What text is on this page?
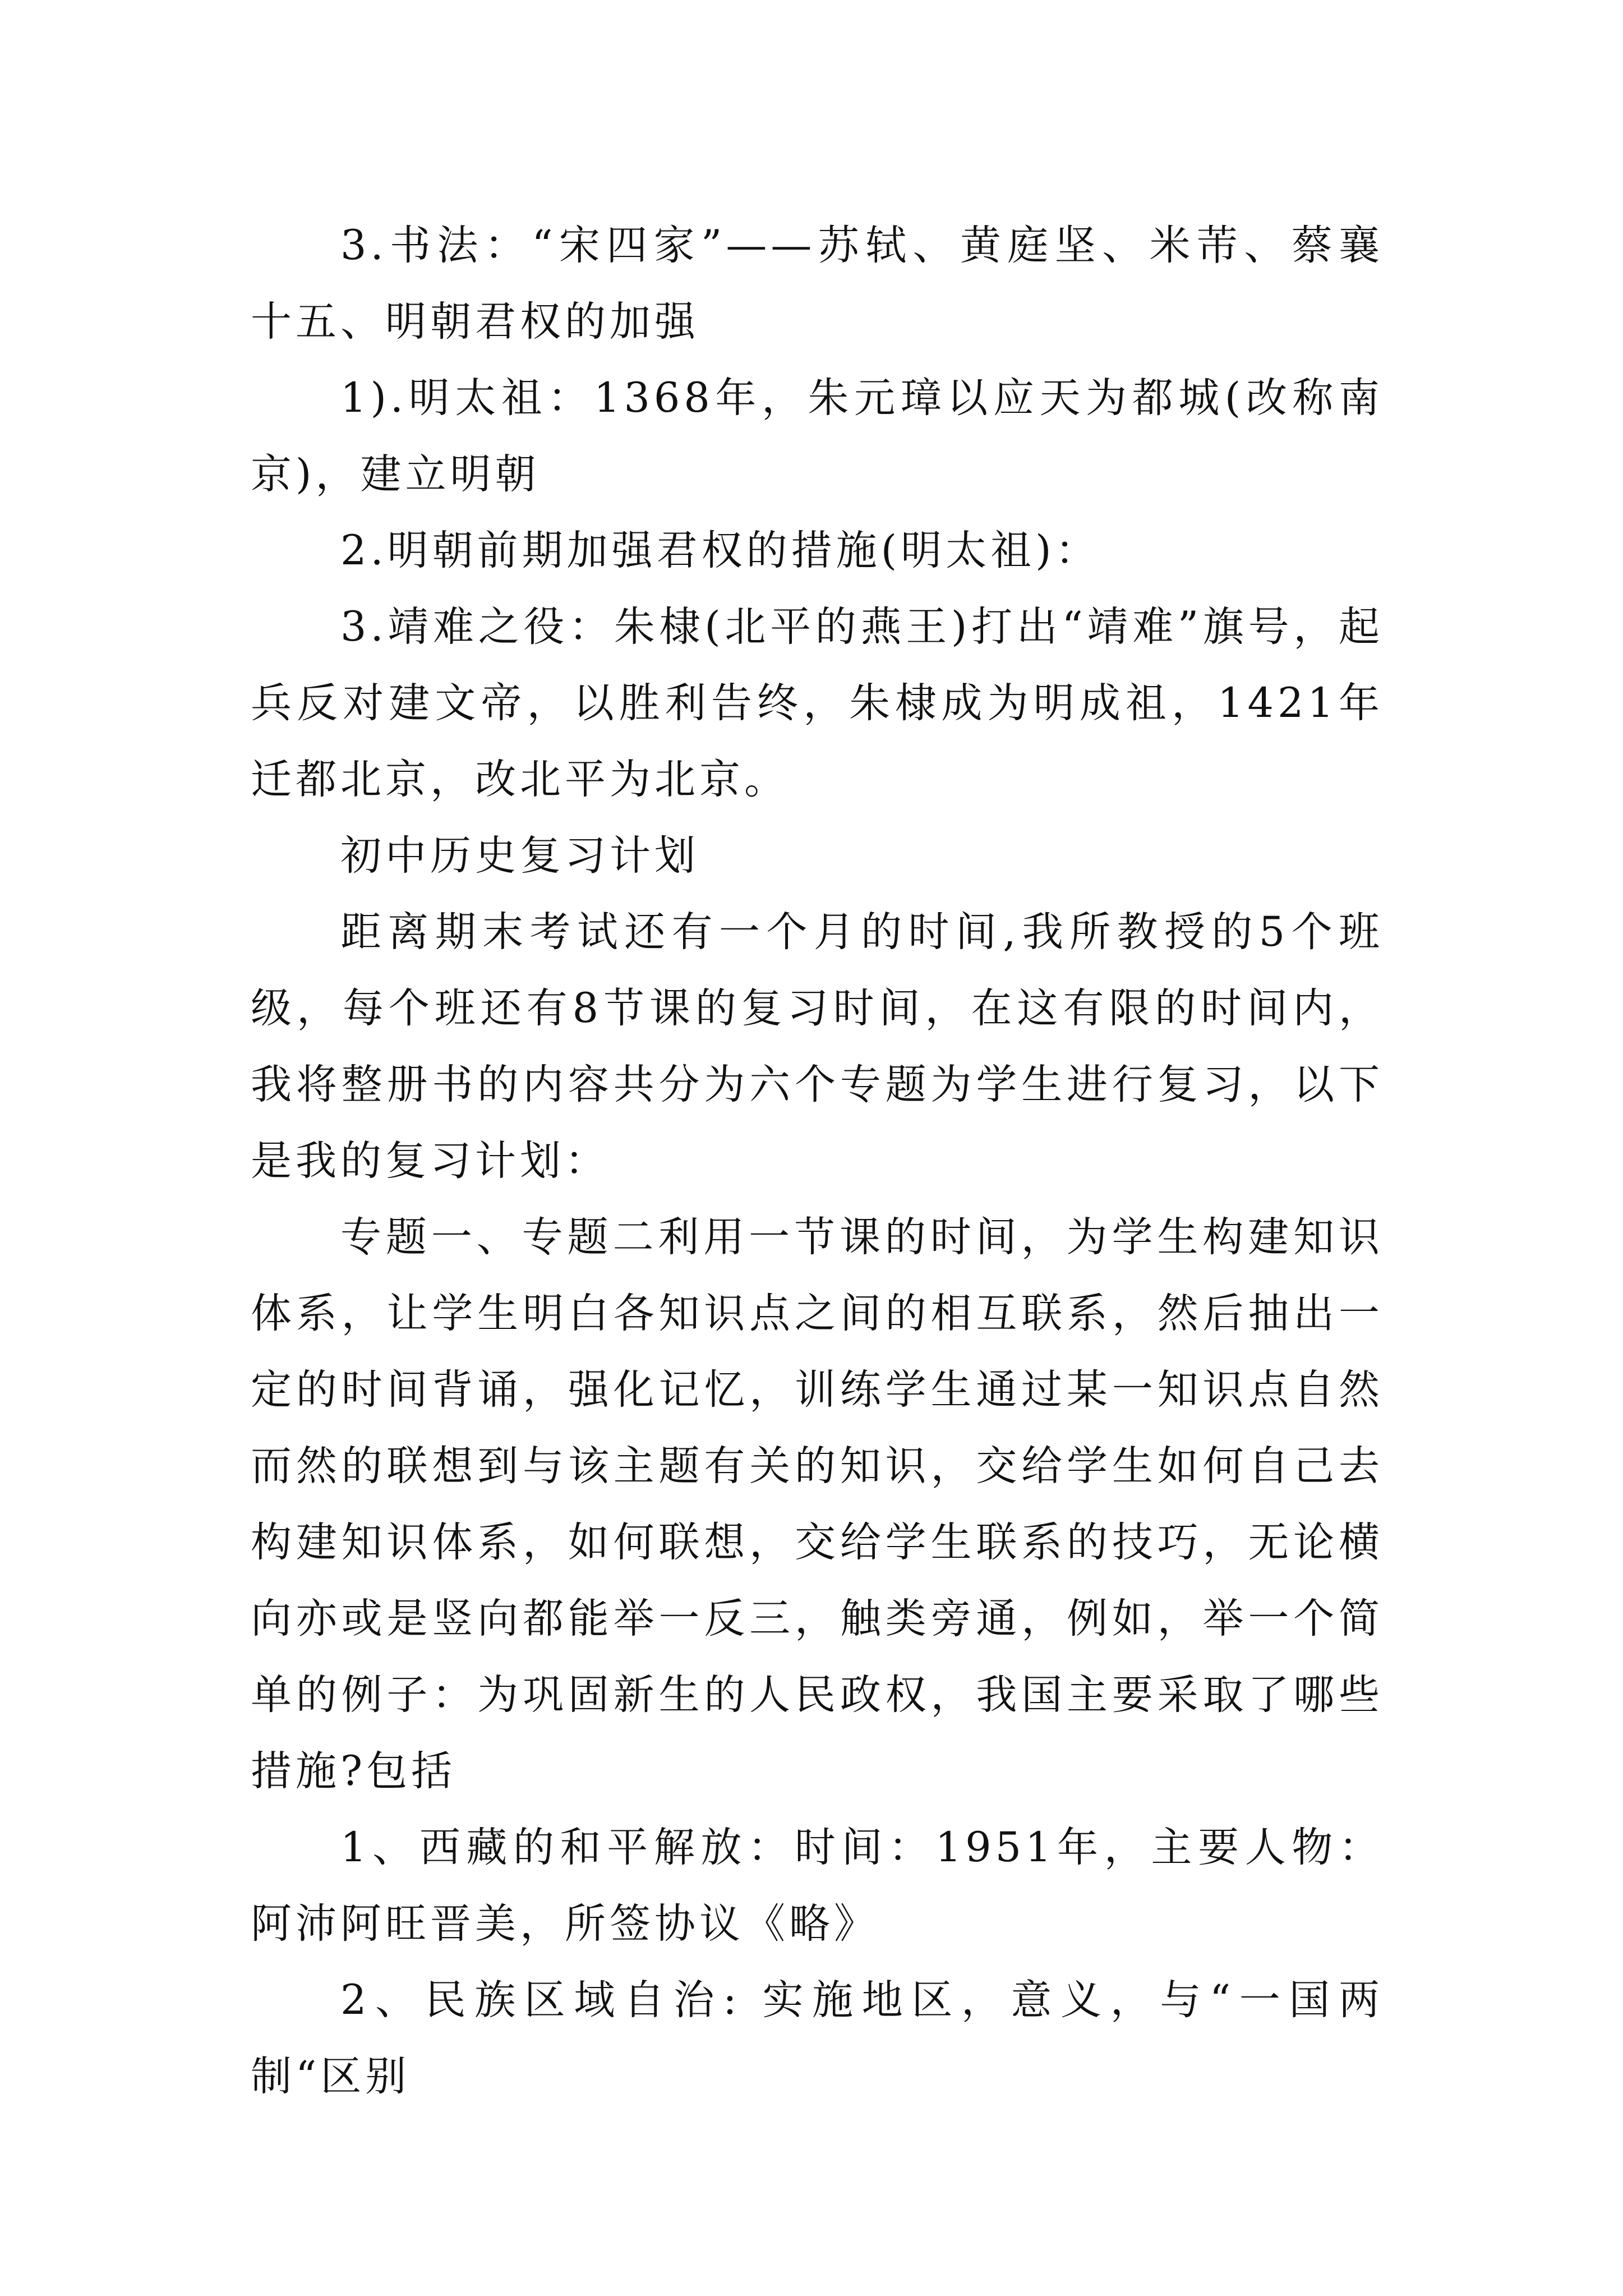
3.书法：“宋四家”——苏轼、黄庭坚、米芾、蔡襄 十五、明朝君权的加强

1).明太祖：1368年，朱元璋以应天为都城(改称南京)，建立明朝

2.明朝前期加强君权的措施(明太祖)：

3.靖难之役：朱棣(北平的燕王)打出“靖难”旗号，起兵反对建文帝，以胜利告终，朱棣成为明成祖，1421年迁都北京，改北平为北京。

初中历史复习计划

距离期末考试还有一个月的时间,我所教授的5个班级，每个班还有8节课的复习时间，在这有限的时间内，我将整册书的内容共分为六个专题为学生进行复习，以下是我的复习计划：

专题一、专题二利用一节课的时间，为学生构建知识体系，让学生明白各知识点之间的相互联系，然后抽出一定的时间背诵，强化记忆，训练学生通过某一知识点自然而然的联想到与该主题有关的知识，交给学生如何自己去构建知识体系，如何联想，交给学生联系的技巧，无论横向亦或是竖向都能举一反三，触类旁通，例如，举一个简单的例子：为巩固新生的人民政权，我国主要采取了哪些措施?包括

1、西藏的和平解放：时间：1951年，主要人物：阿沛阿旺晋美，所签协议《略》

2、民族区域自治: 实施地区，意义，与“一国两制“区别
